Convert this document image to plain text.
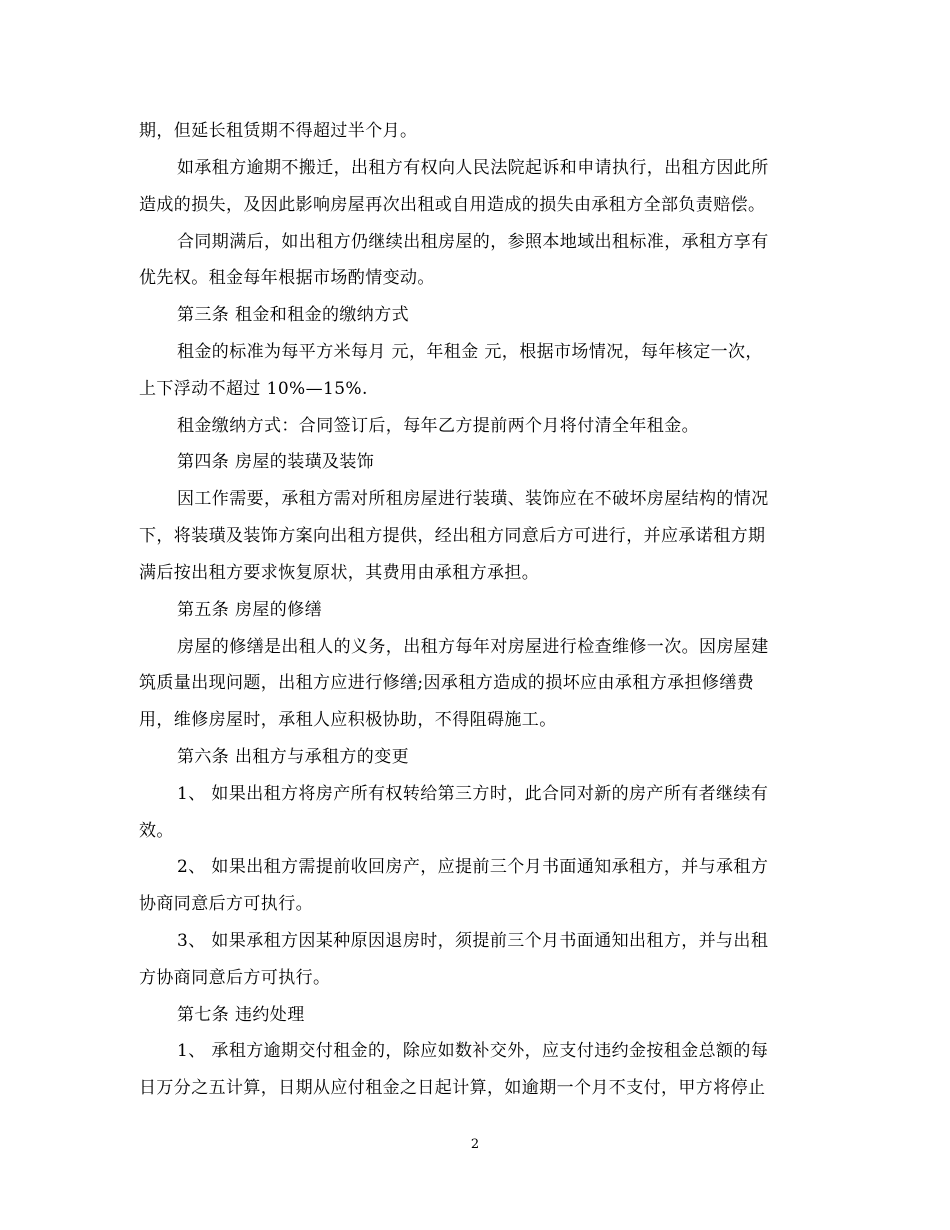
期，但延长租赁期不得超过半个月。
如承租方逾期不搬迁，出租方有权向人民法院起诉和申请执行，出租方因此所
造成的损失，及因此影响房屋再次出租或自用造成的损失由承租方全部负责赔偿。
合同期满后，如出租方仍继续出租房屋的，参照本地域出租标准，承租方享有
优先权。租金每年根据市场酌情变动。
第三条 租金和租金的缴纳方式
租金的标准为每平方米每月 元，年租金 元，根据市场情况，每年核定一次，
上下浮动不超过 10%—15%.
租金缴纳方式：合同签订后，每年乙方提前两个月将付清全年租金。
第四条 房屋的装璜及装饰
因工作需要，承租方需对所租房屋进行装璜、装饰应在不破坏房屋结构的情况
下，将装璜及装饰方案向出租方提供，经出租方同意后方可进行，并应承诺租方期
满后按出租方要求恢复原状，其费用由承租方承担。
第五条 房屋的修缮
房屋的修缮是出租人的义务，出租方每年对房屋进行检查维修一次。因房屋建
筑质量出现问题，出租方应进行修缮;因承租方造成的损坏应由承租方承担修缮费
用，维修房屋时，承租人应积极协助，不得阻碍施工。
第六条 出租方与承租方的变更
1、 如果出租方将房产所有权转给第三方时，此合同对新的房产所有者继续有
效。
2、 如果出租方需提前收回房产，应提前三个月书面通知承租方，并与承租方
协商同意后方可执行。
3、 如果承租方因某种原因退房时，须提前三个月书面通知出租方，并与出租
方协商同意后方可执行。
第七条 违约处理
1、 承租方逾期交付租金的，除应如数补交外，应支付违约金按租金总额的每
日万分之五计算，日期从应付租金之日起计算，如逾期一个月不支付，甲方将停止
2
